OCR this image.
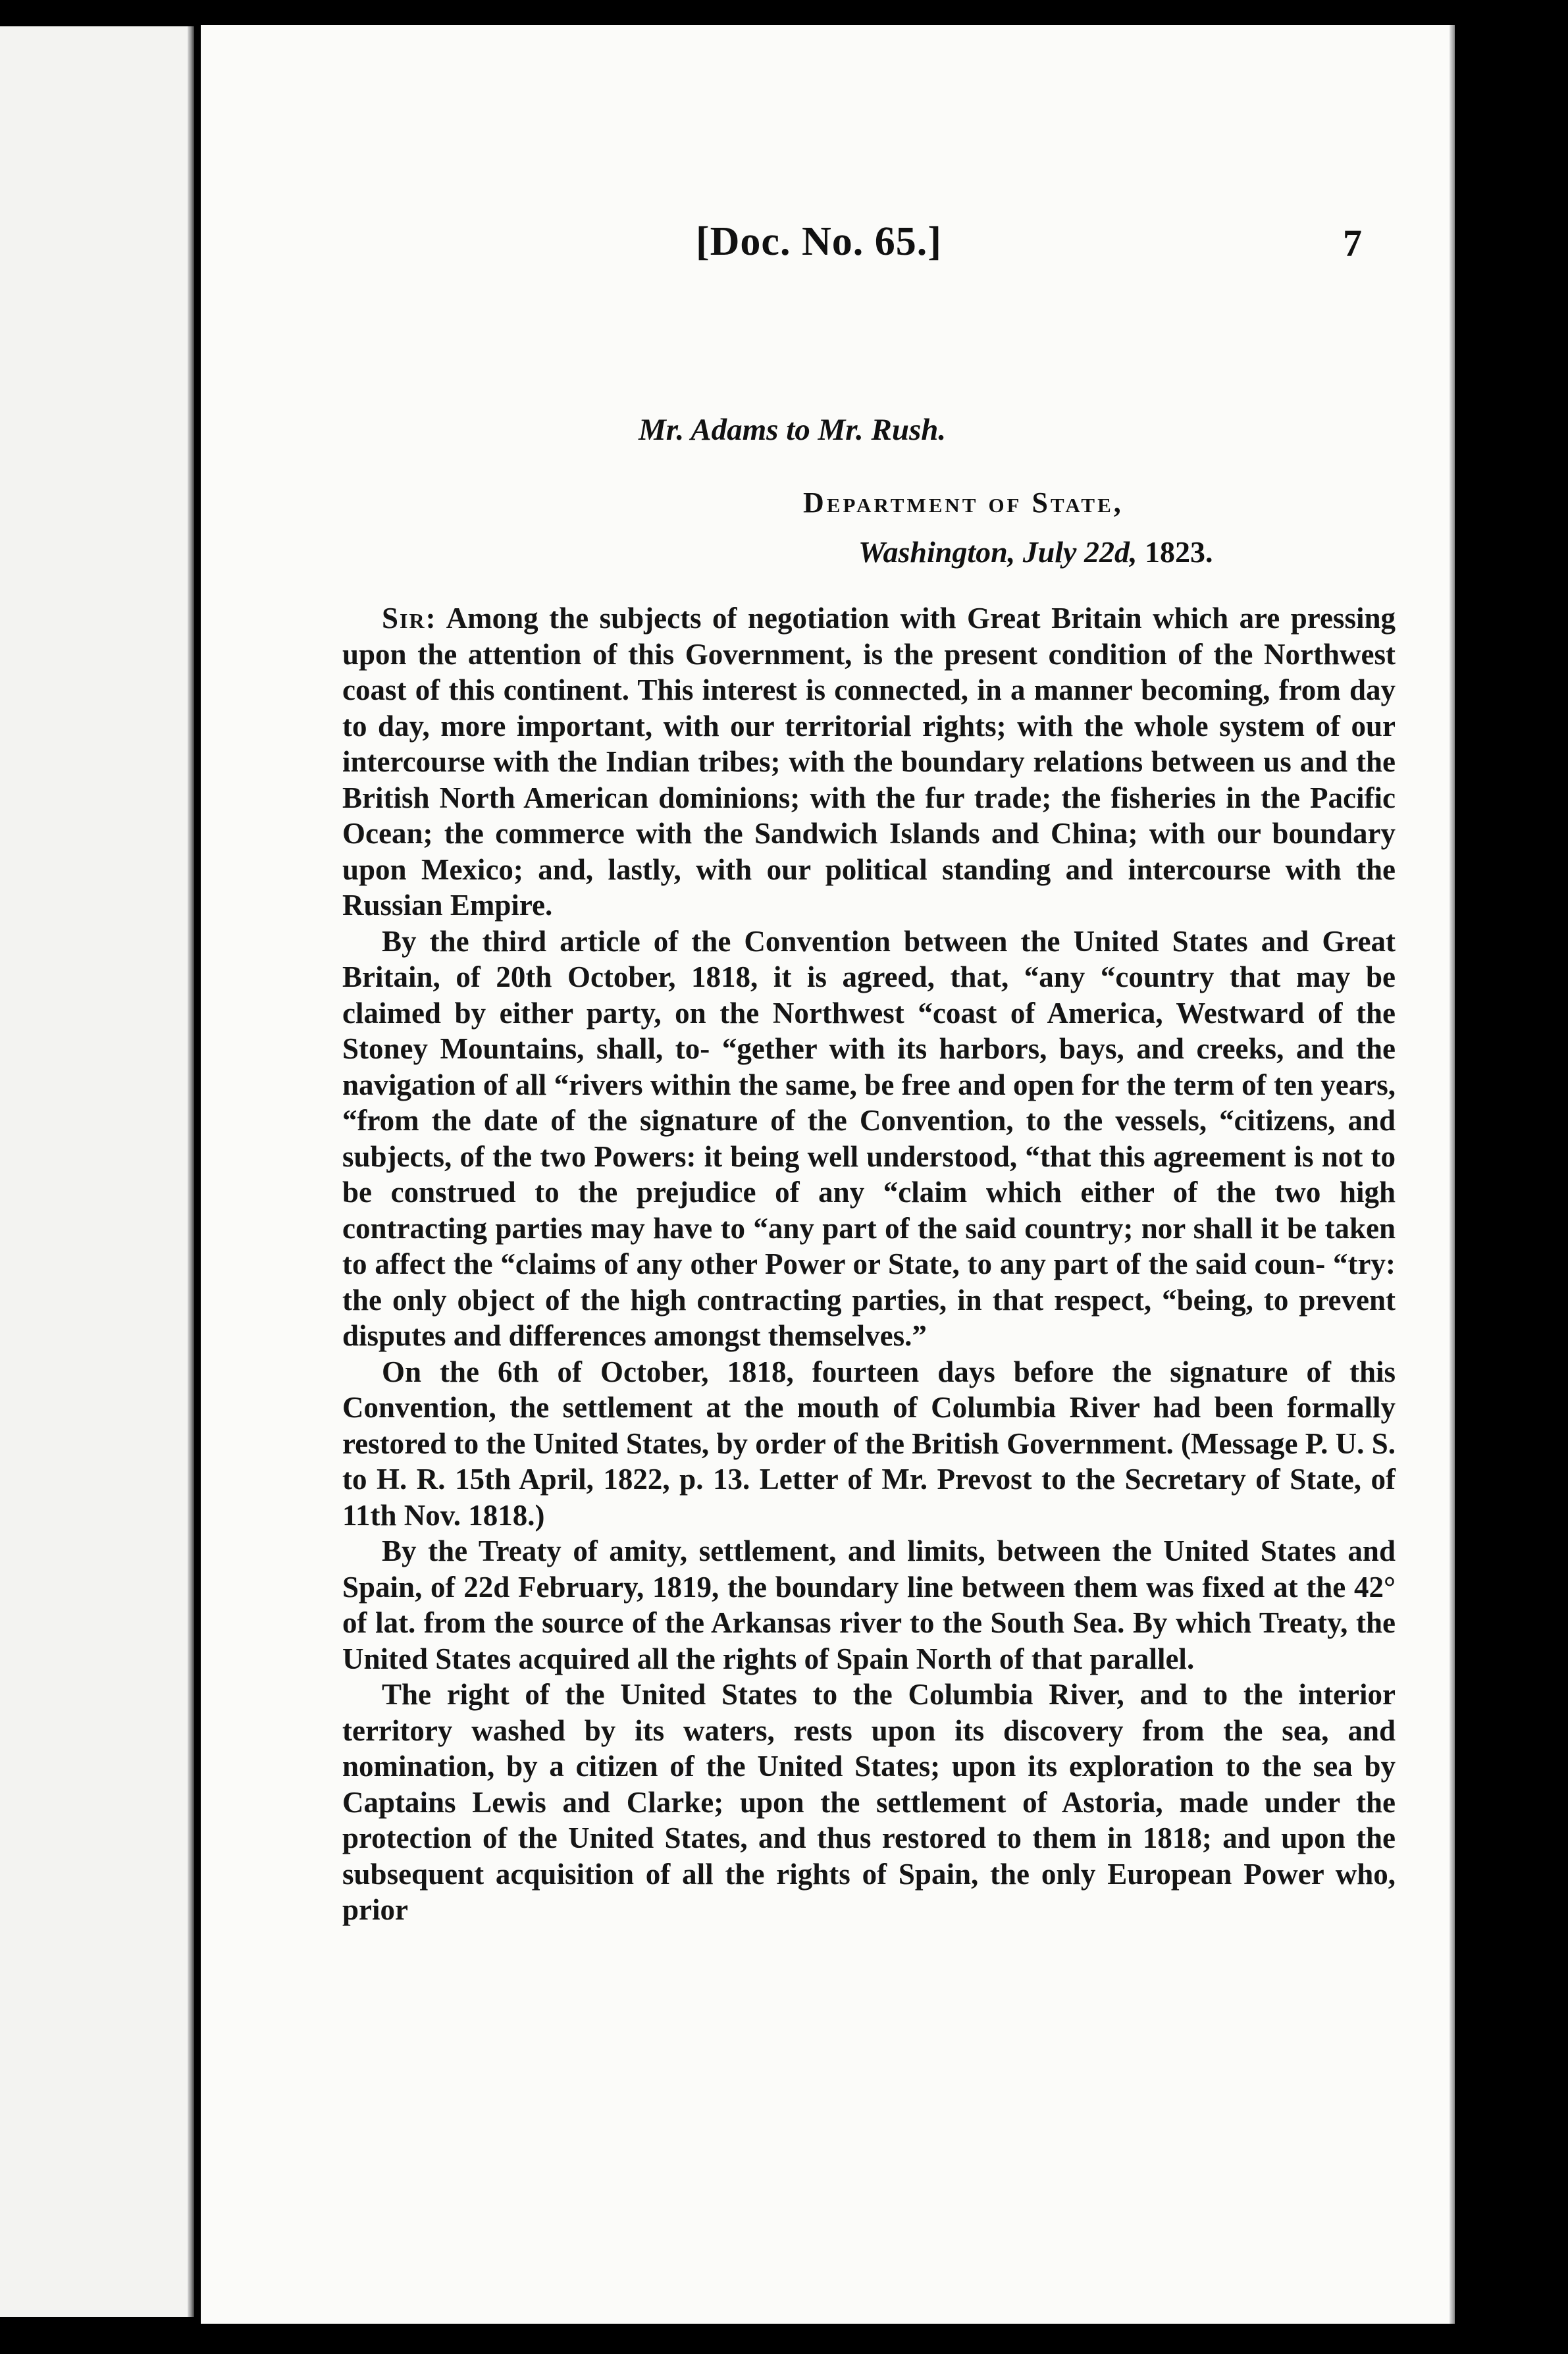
[Doc. No. 65.]	7
Mr. Adams to Mr. Rush.
Department of State,
Washington, July 22d, 1823.

Sir: Among the subjects of negotiation with Great Britain which are pressing upon the attention of this Government, is the present condition of the Northwest coast of this continent. This interest is connected, in a manner becoming, from day to day, more important, with our territorial rights; with the whole system of our intercourse with the Indian tribes; with the boundary relations between us and the British North American dominions; with the fur trade; the fisheries in the Pacific Ocean; the commerce with the Sandwich Islands and China; with our boundary upon Mexico; and, lastly, with our political standing and intercourse with the Russian Empire.

By the third article of the Convention between the United States and Great Britain, of 20th October, 1818, it is agreed, that, “any “country that may be claimed by either party, on the Northwest “coast of America, Westward of the Stoney Mountains, shall, to- “gether with its harbors, bays, and creeks, and the navigation of all “rivers within the same, be free and open for the term of ten years, “from the date of the signature of the Convention, to the vessels, “citizens, and subjects, of the two Powers: it being well understood, “that this agreement is not to be construed to the prejudice of any “claim which either of the two high contracting parties may have to “any part of the said country; nor shall it be taken to affect the “claims of any other Power or State, to any part of the said coun- “try: the only object of the high contracting parties, in that respect, “being, to prevent disputes and differences amongst themselves.”

On the 6th of October, 1818, fourteen days before the signature of this Convention, the settlement at the mouth of Columbia River had been formally restored to the United States, by order of the British Government. (Message P. U. S. to H. R. 15th April, 1822, p. 13. Letter of Mr. Prevost to the Secretary of State, of 11th Nov. 1818.)

By the Treaty of amity, settlement, and limits, between the United States and Spain, of 22d February, 1819, the boundary line between them was fixed at the 42° of lat. from the source of the Arkansas river to the South Sea. By which Treaty, the United States acquired all the rights of Spain North of that parallel.

The right of the United States to the Columbia River, and to the interior territory washed by its waters, rests upon its discovery from the sea, and nomination, by a citizen of the United States; upon its exploration to the sea by Captains Lewis and Clarke; upon the settlement of Astoria, made under the protection of the United States, and thus restored to them in 1818; and upon the subsequent acquisition of all the rights of Spain, the only European Power who, prior
